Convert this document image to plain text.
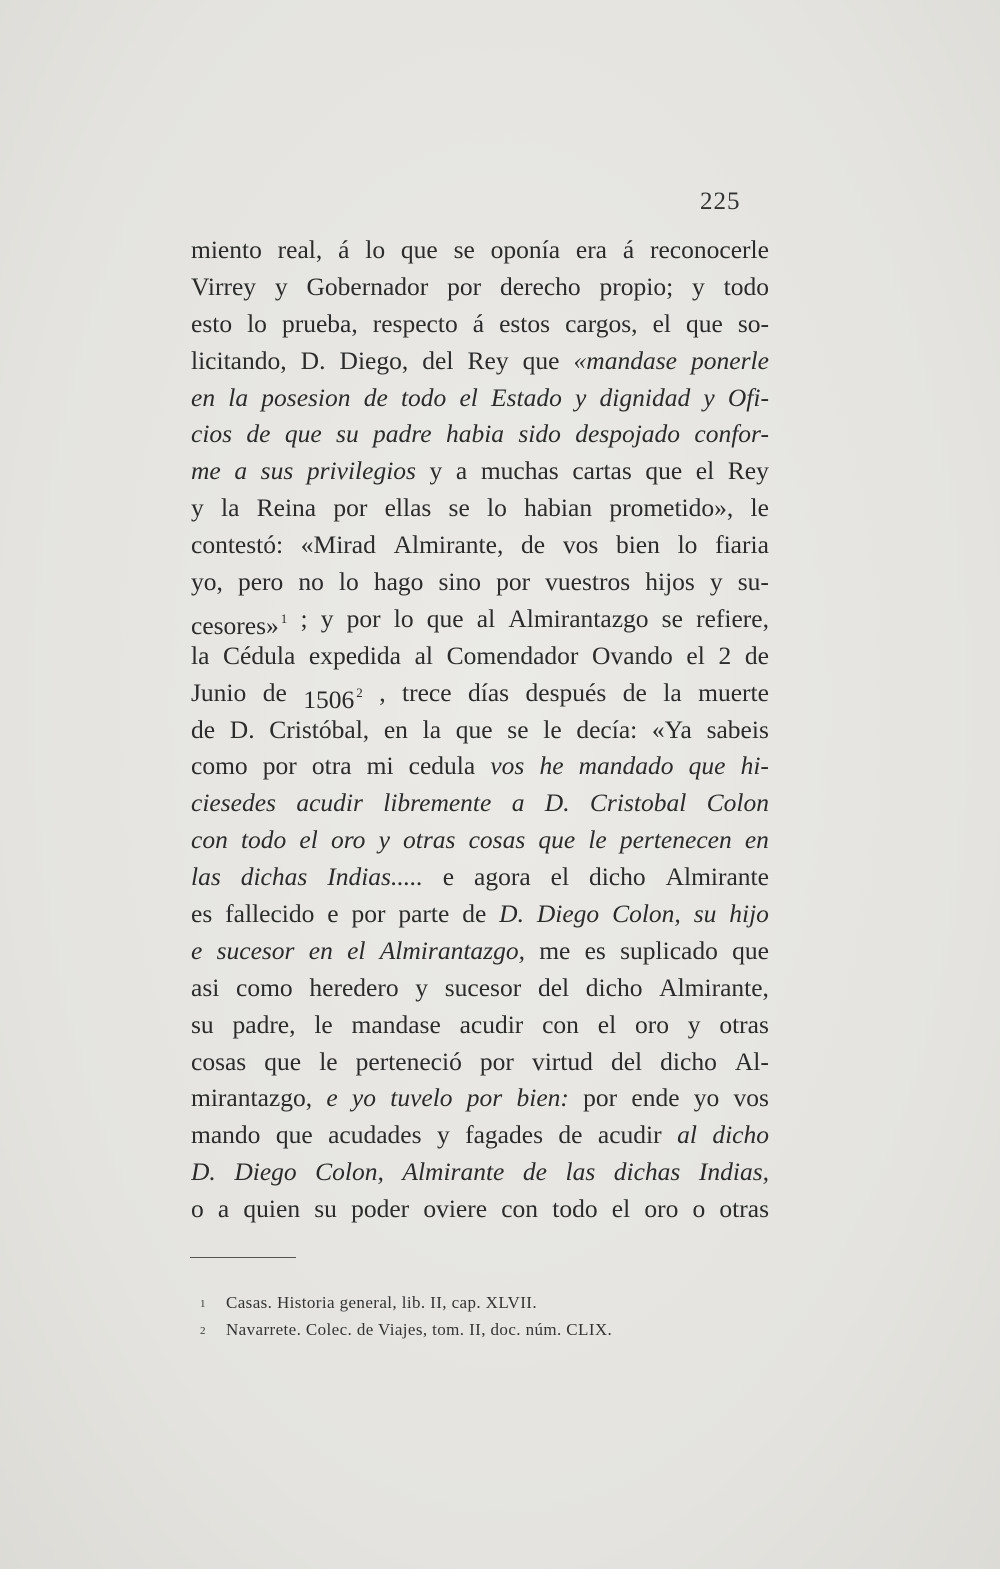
225
miento real, á lo que se oponía era á reconocerle
Virrey y Gobernador por derecho propio; y todo
esto lo prueba, respecto á estos cargos, el que so-
licitando, D. Diego, del Rey que «mandase ponerle
en la posesion de todo el Estado y dignidad y Ofi-
cios de que su padre habia sido despojado confor-
me a sus privilegios y a muchas cartas que el Rey
y la Reina por ellas se lo habian prometido», le
contestó: «Mirad Almirante, de vos bien lo fiaria
yo, pero no lo hago sino por vuestros hijos y su-
cesores» $^1$ ; y por lo que al Almirantazgo se refiere,
la Cédula expedida al Comendador Ovando el 2 de
Junio de 1506 $^2$ , trece días después de la muerte
de D. Cristóbal, en la que se le decía: «Ya sabeis
como por otra mi cedula vos he mandado que hi-
ciesedes acudir libremente a D. Cristobal Colon
con todo el oro y otras cosas que le pertenecen en
las dichas Indias..... e agora el dicho Almirante
es fallecido e por parte de D. Diego Colon, su hijo
e sucesor en el Almirantazgo, me es suplicado que
asi como heredero y sucesor del dicho Almirante,
su padre, le mandase acudir con el oro y otras
cosas que le perteneció por virtud del dicho Al-
mirantazgo, e yo tuvelo por bien: por ende yo vos
mando que acudades y fagades de acudir al dicho
D. Diego Colon, Almirante de las dichas Indias,
o a quien su poder oviere con todo el oro o otras
1 Casas. Historia general, lib. II, cap. XLVII.
2 Navarrete. Colec. de Viajes, tom. II, doc. núm. CLIX.
